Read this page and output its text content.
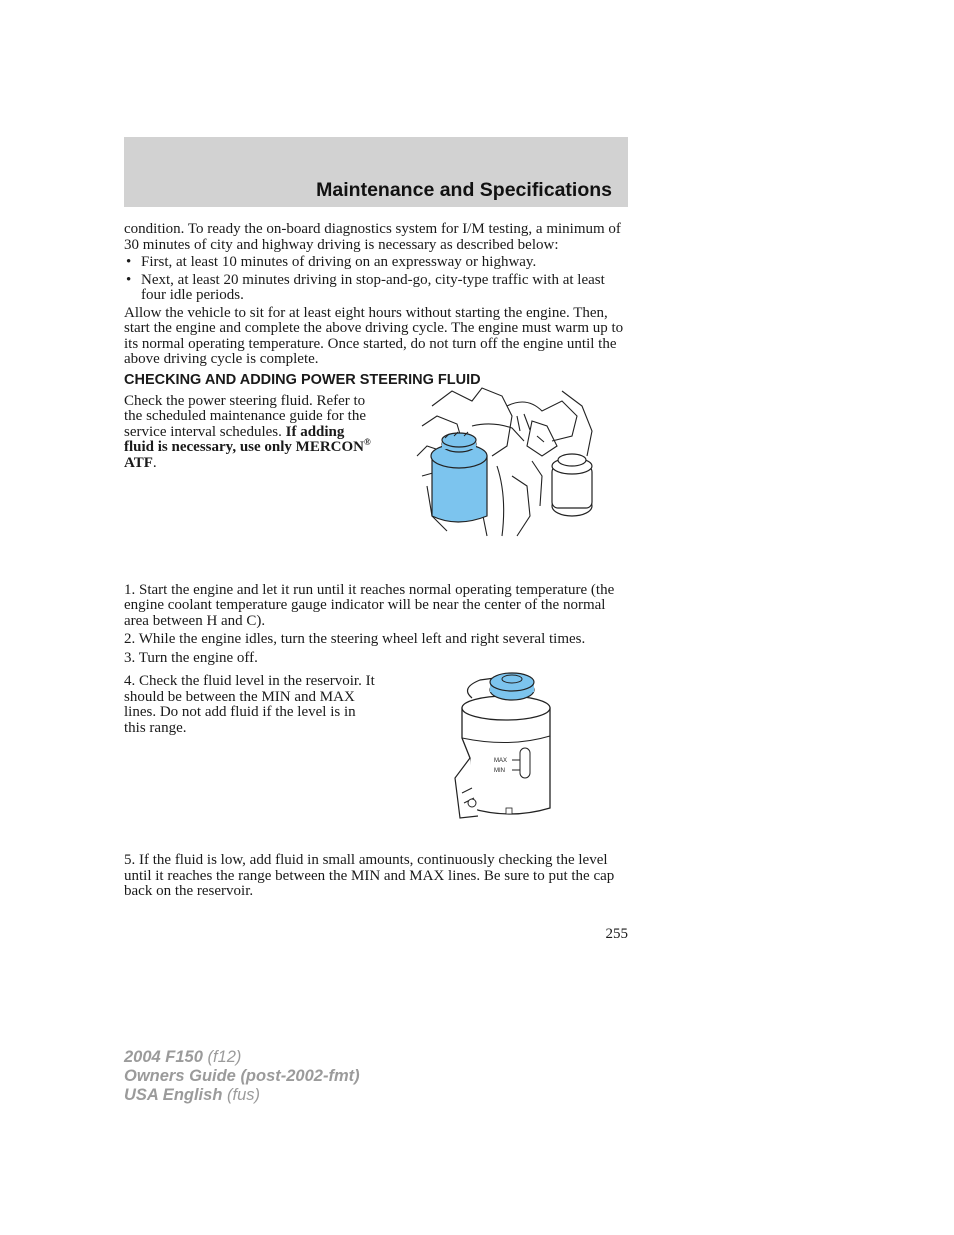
Maintenance and Specifications

condition. To ready the on-board diagnostics system for I/M testing, a minimum of 30 minutes of city and highway driving is necessary as described below:

• First, at least 10 minutes of driving on an expressway or highway.
• Next, at least 20 minutes driving in stop-and-go, city-type traffic with at least four idle periods.

Allow the vehicle to sit for at least eight hours without starting the engine. Then, start the engine and complete the above driving cycle. The engine must warm up to its normal operating temperature. Once started, do not turn off the engine until the above driving cycle is complete.

CHECKING AND ADDING POWER STEERING FLUID

Check the power steering fluid. Refer to the scheduled maintenance guide for the service interval schedules. If adding fluid is necessary, use only MERCON® ATF.

1. Start the engine and let it run until it reaches normal operating temperature (the engine coolant temperature gauge indicator will be near the center of the normal area between H and C).

2. While the engine idles, turn the steering wheel left and right several times.

3. Turn the engine off.

4. Check the fluid level in the reservoir. It should be between the MIN and MAX lines. Do not add fluid if the level is in this range.

MAX
MIN

5. If the fluid is low, add fluid in small amounts, continuously checking the level until it reaches the range between the MIN and MAX lines. Be sure to put the cap back on the reservoir.

255
2004 F150 (f12)
Owners Guide (post-2002-fmt)
USA English (fus)
